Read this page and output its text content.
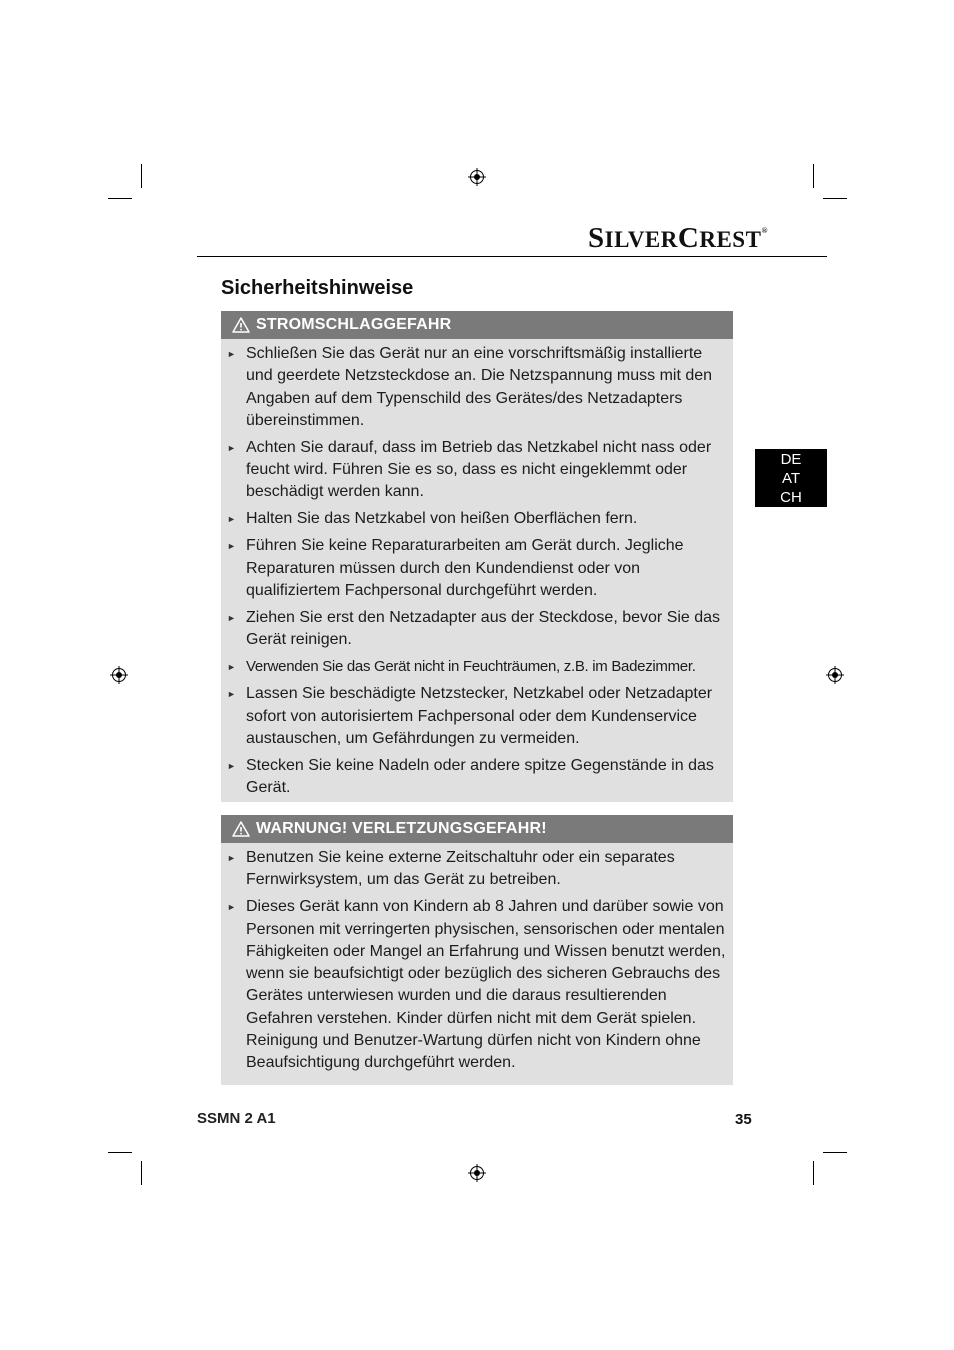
SILVERCREST®
Sicherheitshinweise
DE
AT
CH
STROMSCHLAGGEFAHR
► Schließen Sie das Gerät nur an eine vorschriftsmäßig installierte und geerdete Netzsteckdose an. Die Netzspannung muss mit den Angaben auf dem Typenschild des Gerätes/des Netzadapters übereinstimmen.
► Achten Sie darauf, dass im Betrieb das Netzkabel nicht nass oder feucht wird. Führen Sie es so, dass es nicht eingeklemmt oder beschädigt werden kann.
► Halten Sie das Netzkabel von heißen Oberflächen fern.
► Führen Sie keine Reparaturarbeiten am Gerät durch. Jegliche Reparaturen müssen durch den Kundendienst oder von qualifiziertem Fachpersonal durchgeführt werden.
► Ziehen Sie erst den Netzadapter aus der Steckdose, bevor Sie das Gerät reinigen.
► Verwenden Sie das Gerät nicht in Feuchträumen, z.B. im Badezimmer.
► Lassen Sie beschädigte Netzstecker, Netzkabel oder Netzadapter sofort von autorisiertem Fachpersonal oder dem Kundenservice austauschen, um Gefährdungen zu vermeiden.
► Stecken Sie keine Nadeln oder andere spitze Gegenstände in das Gerät.
WARNUNG! VERLETZUNGSGEFAHR!
► Benutzen Sie keine externe Zeitschaltuhr oder ein separates Fernwirksystem, um das Gerät zu betreiben.
► Dieses Gerät kann von Kindern ab 8 Jahren und darüber sowie von Personen mit verringerten physischen, sensorischen oder mentalen Fähigkeiten oder Mangel an Erfahrung und Wissen benutzt werden, wenn sie beaufsichtigt oder bezüglich des sicheren Gebrauchs des Gerätes unterwiesen wurden und die daraus resultierenden Gefahren verstehen. Kinder dürfen nicht mit dem Gerät spielen. Reinigung und Benutzer-Wartung dürfen nicht von Kindern ohne Beaufsichtigung durchgeführt werden.
SSMN 2 A1	35
